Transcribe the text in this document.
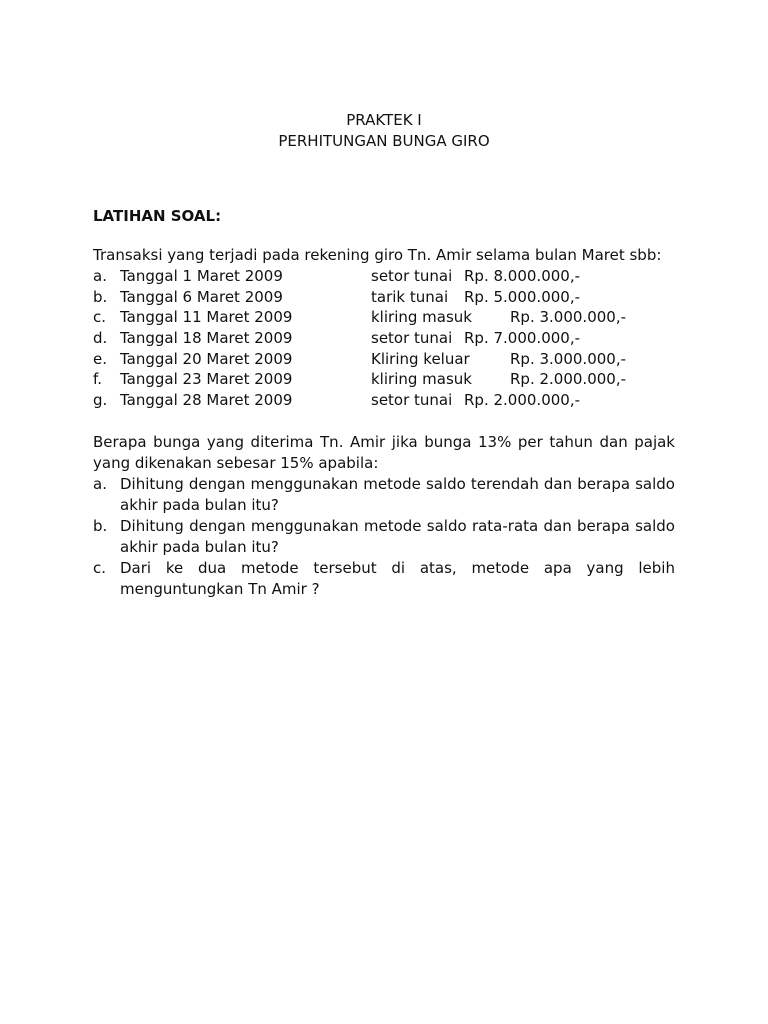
PRAKTEK I
PERHITUNGAN BUNGA GIRO
LATIHAN SOAL:
Transaksi yang terjadi pada rekening giro Tn. Amir selama bulan Maret sbb:
a. Tanggal 1 Maret 2009	setor tunai Rp. 8.000.000,-
b. Tanggal 6 Maret 2009	tarik tunai Rp. 5.000.000,-
c. Tanggal 11 Maret 2009	kliring masuk	Rp. 3.000.000,-
d. Tanggal 18 Maret 2009	setor tunai Rp. 7.000.000,-
e. Tanggal 20 Maret 2009	Kliring keluar	Rp. 3.000.000,-
f. Tanggal 23 Maret 2009	kliring masuk	Rp. 2.000.000,-
g. Tanggal 28 Maret 2009	setor tunai Rp. 2.000.000,-
Berapa bunga yang diterima Tn. Amir jika bunga 13% per tahun dan pajak yang dikenakan sebesar 15% apabila:
a. Dihitung dengan menggunakan metode saldo terendah dan berapa saldo akhir pada bulan itu?
b. Dihitung dengan menggunakan metode saldo rata-rata dan berapa saldo akhir pada bulan itu?
c. Dari ke dua metode tersebut di atas, metode apa yang lebih menguntungkan Tn Amir ?
